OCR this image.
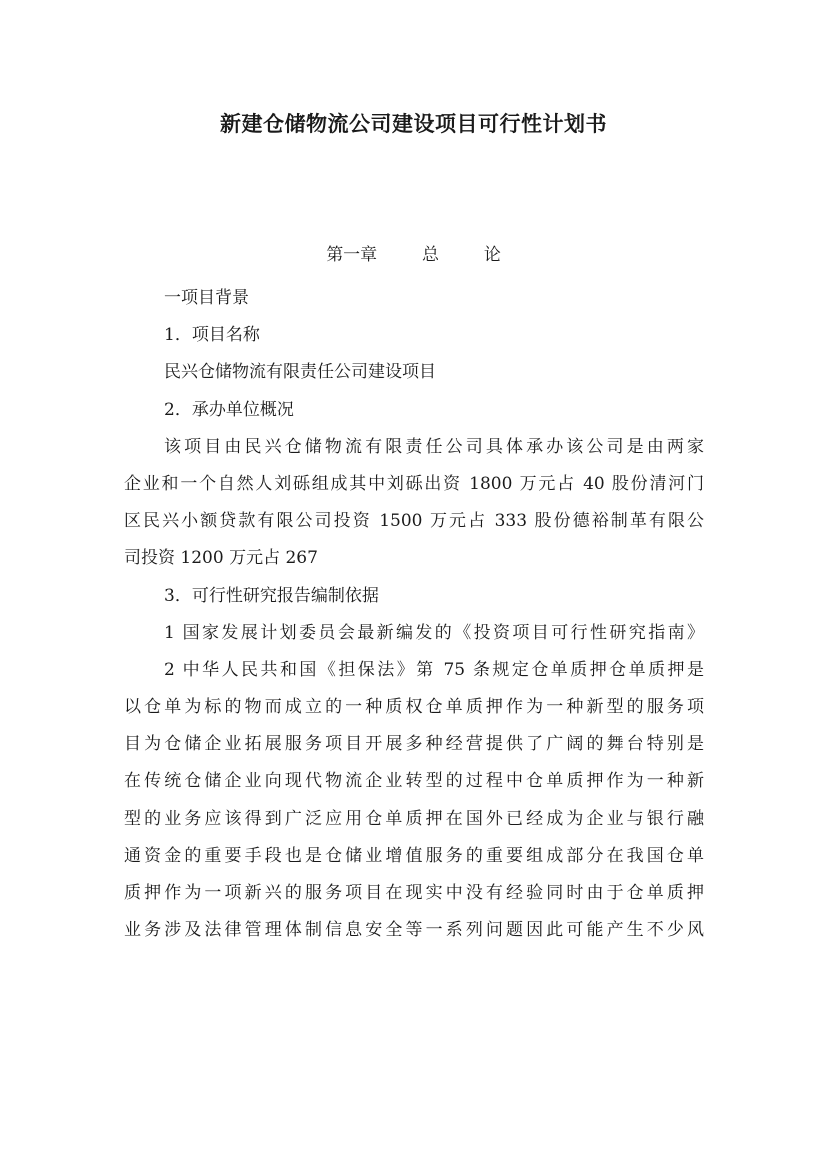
新建仓储物流公司建设项目可行性计划书
第一章	总	论
一项目背景
1．项目名称
民兴仓储物流有限责任公司建设项目
2．承办单位概况
该项目由民兴仓储物流有限责任公司具体承办该公司是由两家
企业和一个自然人刘砾组成其中刘砾出资 1800 万元占 40 股份清河门
区民兴小额贷款有限公司投资 1500 万元占 333 股份德裕制革有限公
司投资 1200 万元占 267
3．可行性研究报告编制依据
1 国家发展计划委员会最新编发的《投资项目可行性研究指南》
2 中华人民共和国《担保法》第 75 条规定仓单质押仓单质押是
以仓单为标的物而成立的一种质权仓单质押作为一种新型的服务项
目为仓储企业拓展服务项目开展多种经营提供了广阔的舞台特别是
在传统仓储企业向现代物流企业转型的过程中仓单质押作为一种新
型的业务应该得到广泛应用仓单质押在国外已经成为企业与银行融
通资金的重要手段也是仓储业增值服务的重要组成部分在我国仓单
质押作为一项新兴的服务项目在现实中没有经验同时由于仓单质押
业务涉及法律管理体制信息安全等一系列问题因此可能产生不少风
